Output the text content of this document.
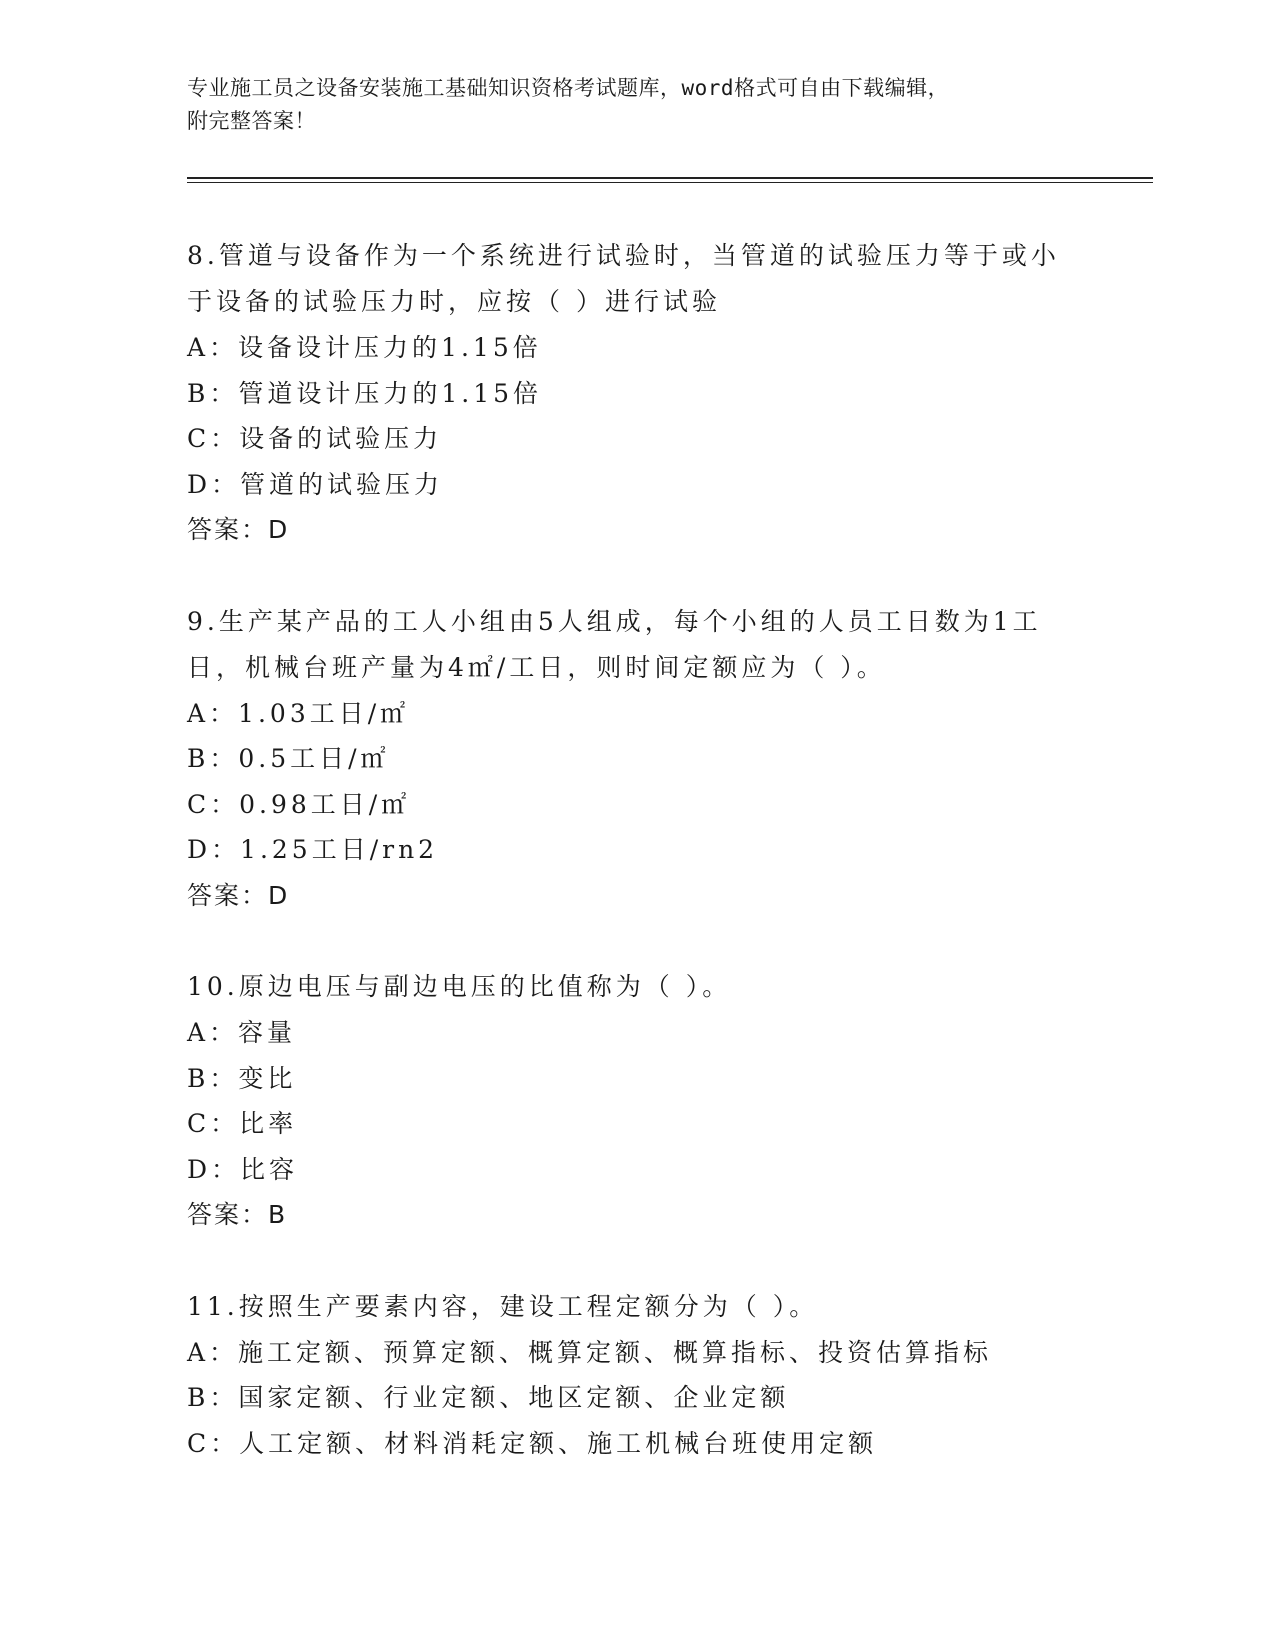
专业施工员之设备安装施工基础知识资格考试题库，word格式可自由下载编辑，
附完整答案！

8.管道与设备作为一个系统进行试验时，当管道的试验压力等于或小于设备的试验压力时，应按（ ）进行试验

A：设备设计压力的1.15倍

B：管道设计压力的1.15倍

C：设备的试验压力

D：管道的试验压力

答案：D

9.生产某产品的工人小组由5人组成，每个小组的人员工日数为1工日，机械台班产量为4㎡/工日，则时间定额应为（ ）。

A：1.03工日/㎡

B：0.5工日/㎡

C：0.98工日/㎡

D：1.25工日/rn2

答案：D

10.原边电压与副边电压的比值称为（ ）。

A：容量

B：变比

C：比率

D：比容

答案：B

11.按照生产要素内容，建设工程定额分为（ ）。

A：施工定额、预算定额、概算定额、概算指标、投资估算指标

B：国家定额、行业定额、地区定额、企业定额

C：人工定额、材料消耗定额、施工机械台班使用定额
